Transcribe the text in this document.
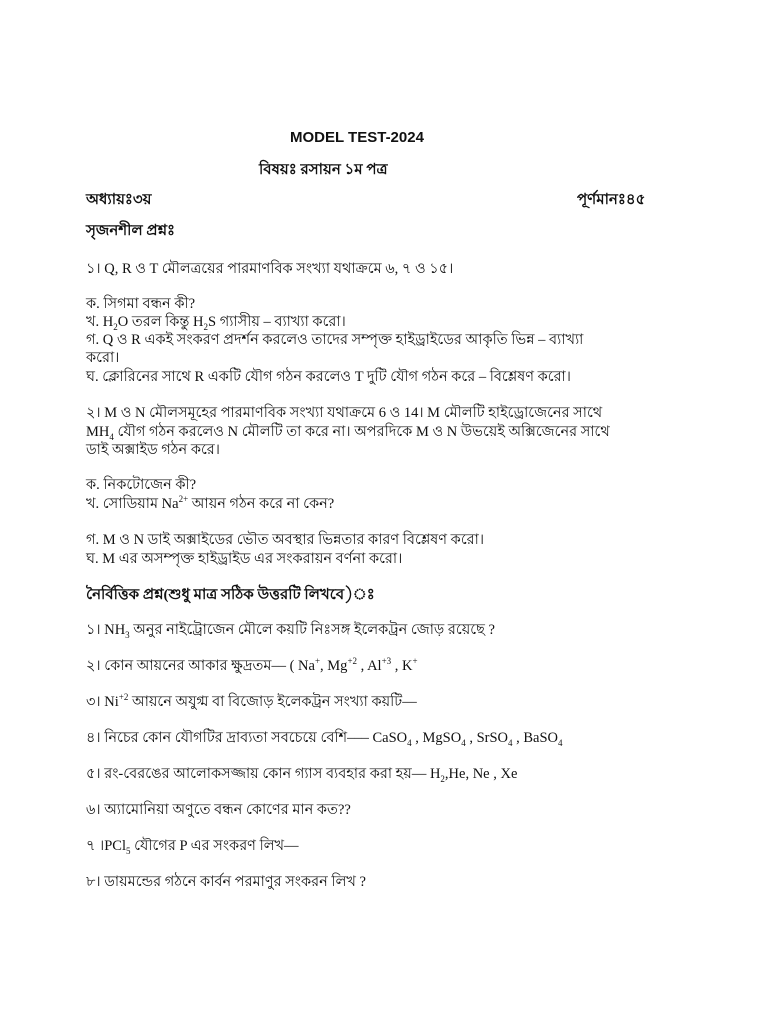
MODEL TEST-2024
বিষয়ঃ রসায়ন ১ম পত্র
অধ্যায়ঃ৩য়	পূর্ণমানঃ৪৫
সৃজনশীল প্রশ্নঃ
১। Q, R ও T মৌলত্রয়ের পারমাণবিক সংখ্যা যথাক্রমে ৬, ৭ ও ১৫।
ক. সিগমা বন্ধন কী?
খ. $H_2O$ তরল কিন্তু $H_2S$ গ্যাসীয় – ব্যাখ্যা করো।
গ. Q ও R একই সংকরণ প্রদর্শন করলেও তাদের সম্পৃক্ত হাইড্রাইডের আকৃতি ভিন্ন – ব্যাখ্যা
করো।
ঘ. ক্লোরিনের সাথে R একটি যৌগ গঠন করলেও T দুটি যৌগ গঠন করে – বিশ্লেষণ করো।
২। M ও N মৌলসমূহের পারমাণবিক সংখ্যা যথাক্রমে 6 ও 14। M মৌলটি হাইড্রোজেনের সাথে
$MH_4$ যৌগ গঠন করলেও N মৌলটি তা করে না। অপরদিকে M ও N উভয়েই অক্সিজেনের সাথে
ডাই অক্সাইড গঠন করে।
ক. নিকটোজেন কী?
খ. সোডিয়াম $Na^{2+}$ আয়ন গঠন করে না কেন?
গ. M ও N ডাই অক্সাইডের ভৌত অবস্থার ভিন্নতার কারণ বিশ্লেষণ করো।
ঘ. M এর অসম্পৃক্ত হাইড্রাইড এর সংকরায়ন বর্ণনা করো।
নৈর্বিত্তিক প্রশ্ন(শুধু মাত্র সঠিক উত্তরটি লিখবে)ঃ
১। $NH_3$ অনুর নাইট্রোজেন মৌলে কয়টি নিঃসঙ্গ ইলেকট্রন জোড় রয়েছে ?
২। কোন আয়নের আকার ক্ষুদ্রতম–– ( Na+, $Mg^{+2}$ , $Al^{+3}$ , K+
৩। $Ni^{+2}$ আয়নে অযুগ্ম বা বিজোড় ইলেকট্রন সংখ্যা কয়টি—
৪। নিচের কোন যৌগটির দ্রাব্যতা সবচেয়ে বেশি––– CaSO$_4$ , MgSO$_4$ , SrSO$_4$ , BaSO$_4$
৫। রং-বেরঙের আলোকসজ্জায় কোন গ্যাস ব্যবহার করা হয়— $H_2,He$, Ne , Xe
৬। অ্যামোনিয়া অণুতে বন্ধন কোণের মান কত??
৭ ।PCl$_5$ যৌগের P এর সংকরণ লিখ—
৮। ডায়মন্ডের গঠনে কার্বন পরমাণুর সংকরন লিখ ?
